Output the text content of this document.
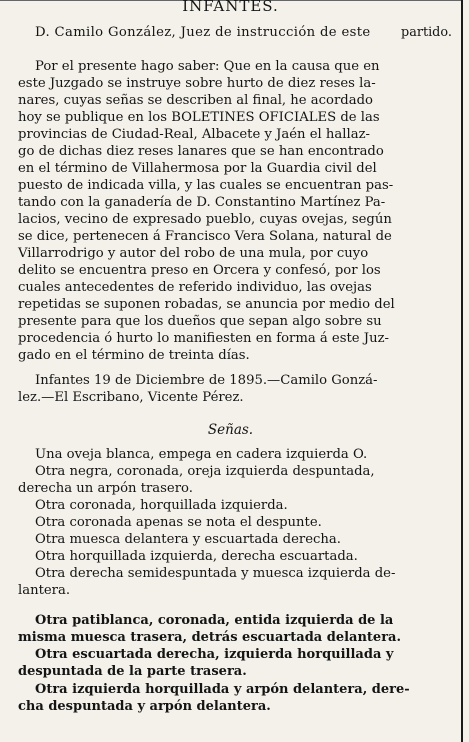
INFANTES.
D. Camilo González, Juez de instrucción de este partido.
Por el presente hago saber: Que en la causa que en
este Juzgado se instruye sobre hurto de diez reses la-
nares, cuyas señas se describen al final, he acordado
hoy se publique en los BOLETINES OFICIALES de las
provincias de Ciudad-Real, Albacete y Jaén el hallaz-
go de dichas diez reses lanares que se han encontrado
en el término de Villahermosa por la Guardia civil del
puesto de indicada villa, y las cuales se encuentran pas-
tando con la ganadería de D. Constantino Martínez Pa-
lacios, vecino de expresado pueblo, cuyas ovejas, según
se dice, pertenecen á Francisco Vera Solana, natural de
Villarrodrigo y autor del robo de una mula, por cuyo
delito se encuentra preso en Orcera y confesó, por los
cuales antecedentes de referido individuo, las ovejas
repetidas se suponen robadas, se anuncia por medio del
presente para que los dueños que sepan algo sobre su
procedencia ó hurto lo manifiesten en forma á este Juz-
gado en el término de treinta días.
Infantes 19 de Diciembre de 1895.—Camilo Gonzá-
lez.—El Escribano, Vicente Pérez.
Señas.
Una oveja blanca, empega en cadera izquierda O.
Otra negra, coronada, oreja izquierda despuntada,
derecha un arpón trasero.
Otra coronada, horquillada izquierda.
Otra coronada apenas se nota el despunte.
Otra muesca delantera y escuartada derecha.
Otra horquillada izquierda, derecha escuartada.
Otra derecha semidespuntada y muesca izquierda de-
lantera.
Otra patiblanca, coronada, entida izquierda de la
misma muesca trasera, detrás escuartada delantera.
Otra escuartada derecha, izquierda horquillada y
despuntada de la parte trasera.
Otra izquierda horquillada y arpón delantera, dere-
cha despuntada y arpón delantera.
